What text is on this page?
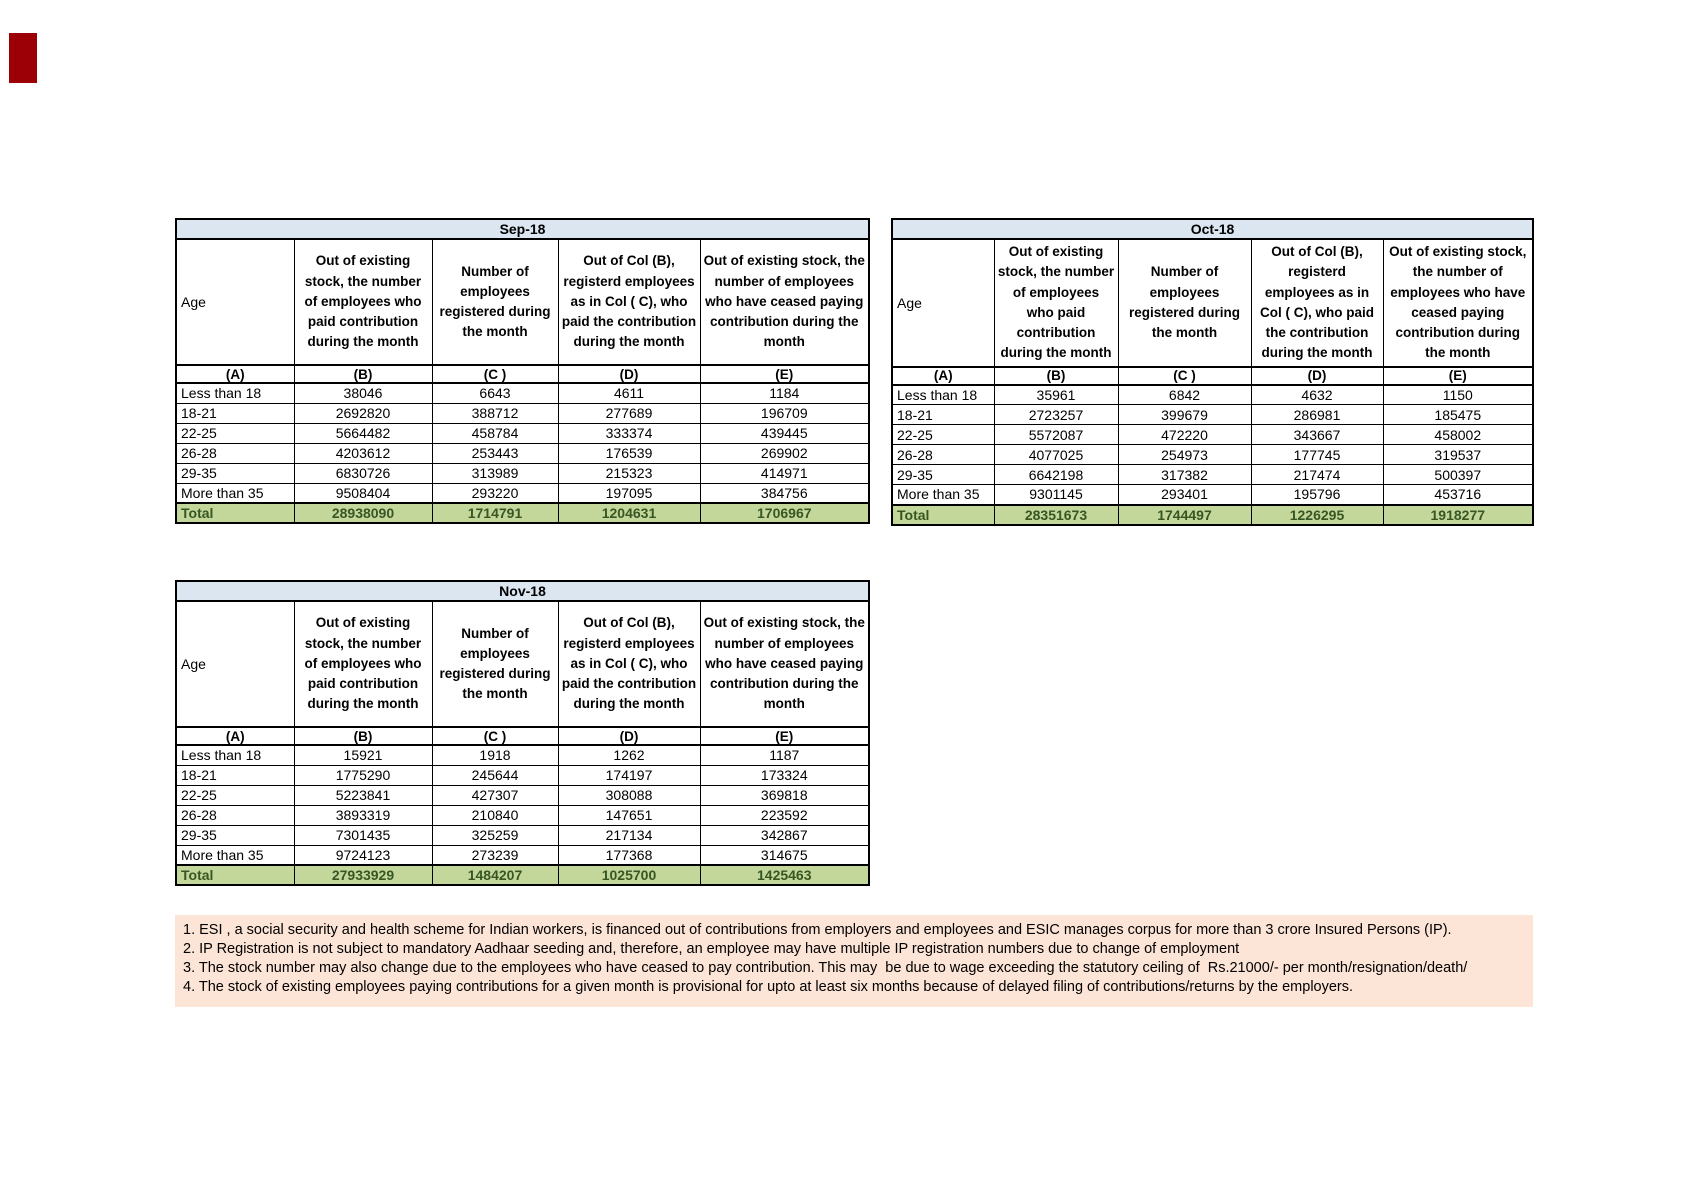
Sep-18				
Age	Out of existing stock, the number of employees who paid contribution during the month	Number of employees registered during the month	Out of Col (B), registerd employees as in Col ( C), who paid the contribution during the month	Out of existing stock, the number of employees who have ceased paying contribution during the month
(A)	(B)	(C )	(D)	(E)
Less than 18	38046	6643	4611	1184
18-21	2692820	388712	277689	196709
22-25	5664482	458784	333374	439445
26-28	4203612	253443	176539	269902
29-35	6830726	313989	215323	414971
More than 35	9508404	293220	197095	384756
Total	28938090	1714791	1204631	1706967
Oct-18				
Age	Out of existing stock, the number of employees who paid contribution during the month	Number of employees registered during the month	Out of Col (B), registerd employees as in Col ( C), who paid the contribution during the month	Out of existing stock, the number of employees who have ceased paying contribution during the month
(A)	(B)	(C )	(D)	(E)
Less than 18	35961	6842	4632	1150
18-21	2723257	399679	286981	185475
22-25	5572087	472220	343667	458002
26-28	4077025	254973	177745	319537
29-35	6642198	317382	217474	500397
More than 35	9301145	293401	195796	453716
Total	28351673	1744497	1226295	1918277
Nov-18				
Age	Out of existing stock, the number of employees who paid contribution during the month	Number of employees registered during the month	Out of Col (B), registerd employees as in Col ( C), who paid the contribution during the month	Out of existing stock, the number of employees who have ceased paying contribution during the month
(A)	(B)	(C )	(D)	(E)
Less than 18	15921	1918	1262	1187
18-21	1775290	245644	174197	173324
22-25	5223841	427307	308088	369818
26-28	3893319	210840	147651	223592
29-35	7301435	325259	217134	342867
More than 35	9724123	273239	177368	314675
Total	27933929	1484207	1025700	1425463
1. ESI , a social security and health scheme for Indian workers, is financed out of contributions from employers and employees and ESIC manages corpus for more than 3 crore Insured Persons (IP).
2. IP Registration is not subject to mandatory Aadhaar seeding and, therefore, an employee may have multiple IP registration numbers due to change of employment
3. The stock number may also change due to the employees who have ceased to pay contribution. This may  be due to wage exceeding the statutory ceiling of  Rs.21000/- per month/resignation/death/
4. The stock of existing employees paying contributions for a given month is provisional for upto at least six months because of delayed filing of contributions/returns by the employers.
